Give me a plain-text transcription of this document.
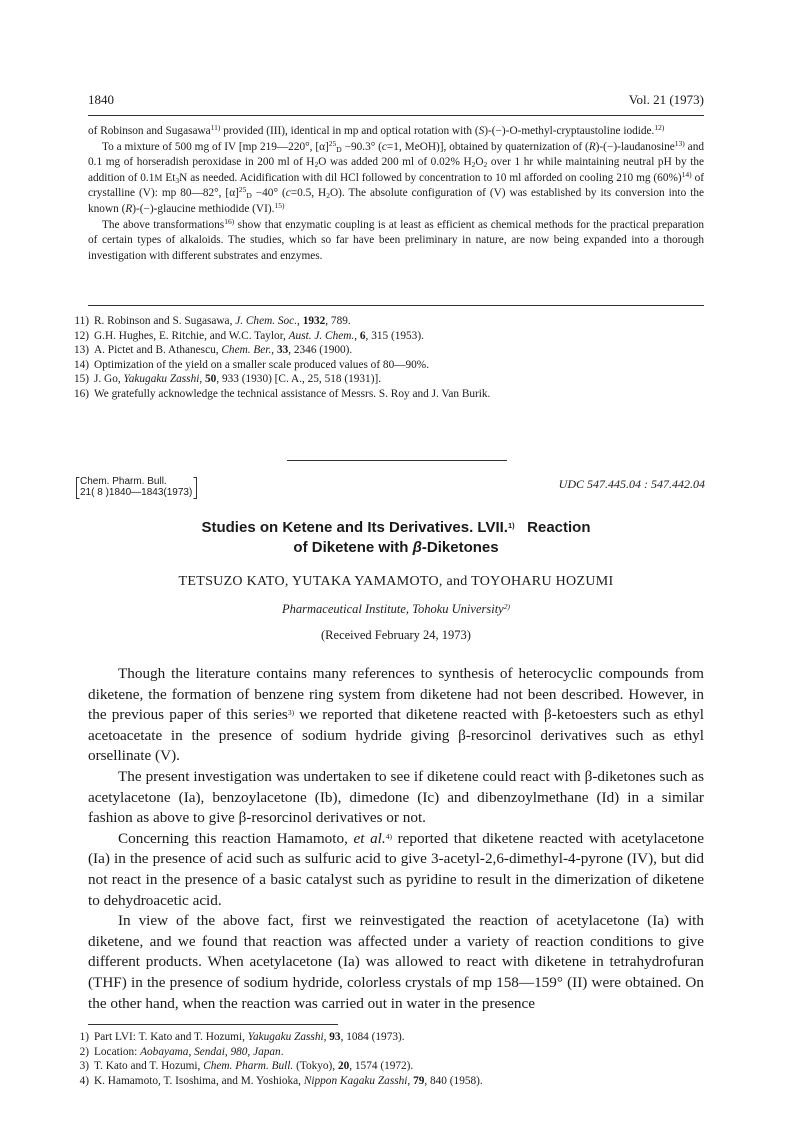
1840	Vol. 21 (1973)

of Robinson and Sugasawa$^{11)}$ provided (III), identical in mp and optical rotation with (S)-(−)-O-methyl-cryptaustoline iodide.$^{12)}$

To a mixture of 500 mg of IV [mp 219—220°, $[\alpha]^{25}_D -90.3^\circ$ (c=1, MeOH)], obtained by quaternization of (R)-(−)-laudanosine$^{13)}$ and 0.1 mg of horseradish peroxidase in 200 ml of $H_2O$ was added 200 ml of 0.02% $H_2O_2$ over 1 hr while maintaining neutral pH by the addition of 0.1M $Et_3N$ as needed. Acidification with dil HCl followed by concentration to 10 ml afforded on cooling 210 mg $(60\%)^{14)}$ of crystalline (V): mp 80—82°, $[\alpha]^{25}_D -40^\circ$ (c=0.5, $H_2O$). The absolute configuration of (V) was established by its conversion into the known (R)-(−)-glaucine methiodide (VI).$^{15)}$

The above transformations$^{16)}$ show that enzymatic coupling is at least as efficient as chemical methods for the practical preparation of certain types of alkaloids. The studies, which so far have been preliminary in nature, are now being expanded into a thorough investigation with different substrates and enzymes.

11) R. Robinson and S. Sugasawa, J. Chem. Soc., 1932, 789.
12) G.H. Hughes, E. Ritchie, and W.C. Taylor, Aust. J. Chem., 6, 315 (1953).
13) A. Pictet and B. Athanescu, Chem. Ber., 33, 2346 (1900).
14) Optimization of the yield on a smaller scale produced values of 80—90%.
15) J. Go, Yakugaku Zasshi, 50, 933 (1930) [C. A., 25, 518 (1931)].
16) We gratefully acknowledge the technical assistance of Messrs. S. Roy and J. Van Burik.
Chem. Pharm. Bull.
21( 8 )1840—1843(1973)
UDC 547.445.04 : 547.442.04
Studies on Ketene and Its Derivatives. LVII.$^{1)}$   Reaction
of Diketene with β-Diketones
TETSUZO KATO, YUTAKA YAMAMOTO, and TOYOHARU HOZUMI
Pharmaceutical Institute, Tohoku University$^{2)}$
(Received February 24, 1973)

Though the literature contains many references to synthesis of heterocyclic compounds from diketene, the formation of benzene ring system from diketene had not been described. However, in the previous paper of this series$^{3)}$ we reported that diketene reacted with β-ketoesters such as ethyl acetoacetate in the presence of sodium hydride giving β-resorcinol derivatives such as ethyl orsellinate (V).

The present investigation was undertaken to see if diketene could react with β-diketones such as acetylacetone (Ia), benzoylacetone (Ib), dimedone (Ic) and dibenzoylmethane (Id) in a similar fashion as above to give β-resorcinol derivatives or not.

Concerning this reaction Hamamoto, et al.$^{4)}$ reported that diketene reacted with acetylacetone (Ia) in the presence of acid such as sulfuric acid to give 3-acetyl-2,6-dimethyl-4-pyrone (IV), but did not react in the presence of a basic catalyst such as pyridine to result in the dimerization of diketene to dehydroacetic acid.

In view of the above fact, first we reinvestigated the reaction of acetylacetone (Ia) with diketene, and we found that reaction was affected under a variety of reaction conditions to give different products. When acetylacetone (Ia) was allowed to react with diketene in tetrahydrofuran (THF) in the presence of sodium hydride, colorless crystals of mp 158—159° (II) were obtained. On the other hand, when the reaction was carried out in water in the presence

1) Part LVI: T. Kato and T. Hozumi, Yakugaku Zasshi, 93, 1084 (1973).
2) Location: Aobayama, Sendai, 980, Japan.
3) T. Kato and T. Hozumi, Chem. Pharm. Bull. (Tokyo), 20, 1574 (1972).
4) K. Hamamoto, T. Isoshima, and M. Yoshioka, Nippon Kagaku Zasshi, 79, 840 (1958).
